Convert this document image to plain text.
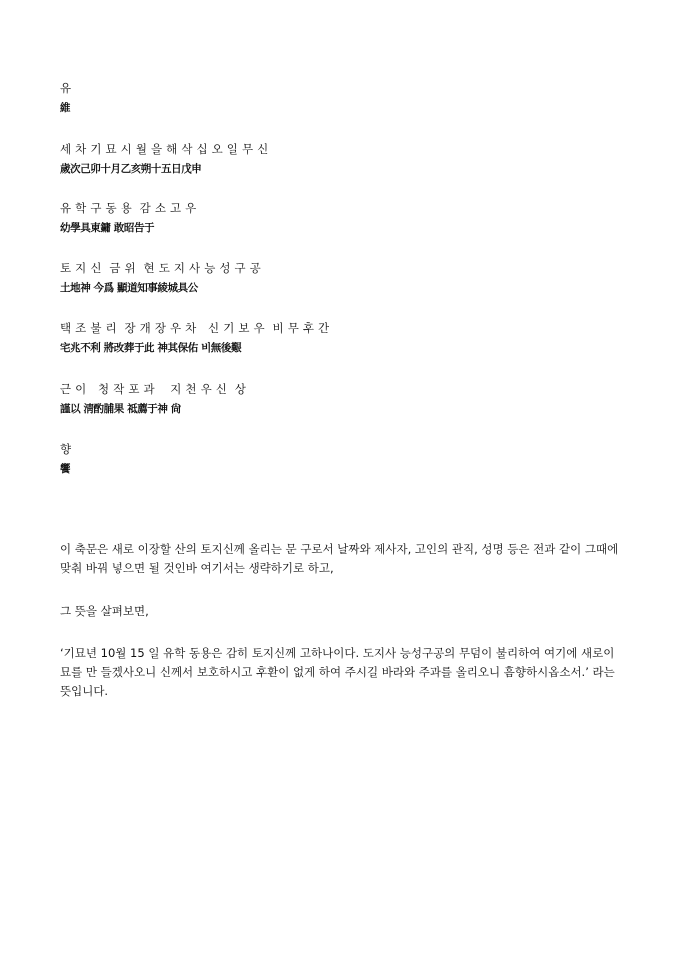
유
維
세 차 기 묘 시 월 을 해 삭 십 오 일 무 신
歲次己卯十月乙亥朔十五日戊申
유 학 구 동 용  감 소 고 우
幼學具東鏞 敢昭告于
토 지 신  금 위  현 도 지 사 능 성 구 공
土地神 今爲 顯道知事綾城具公
택 조 불 리  장 개 장 우 차   신 기 보 우  비 무 후 간
宅兆不利 將改葬于此 神其保佑 비無後艱
근 이   청 작 포 과    지 천 우 신  상
謹以 淸酌脯果 祗薦于神 尙
향
饗

이 축문은 새로 이장할 산의 토지신께 올리는 문 구로서 날짜와 제사자, 고인의 관직, 성명 등은 전과 같이 그때에 맞춰 바꿔 넣으면 될 것인바 여기서는 생략하기로 하고,

그 뜻을 살펴보면,

‘기묘년 10월 15 일 유학 동용은 감히 토지신께 고하나이다. 도지사 능성구공의 무덤이 불리하여 여기에 새로이 묘를 만 들겠사오니 신께서 보호하시고 후환이 없게 하여 주시길 바라와 주과를 올리오니 흠향하시옵소서.’ 라는 뜻입니다.
